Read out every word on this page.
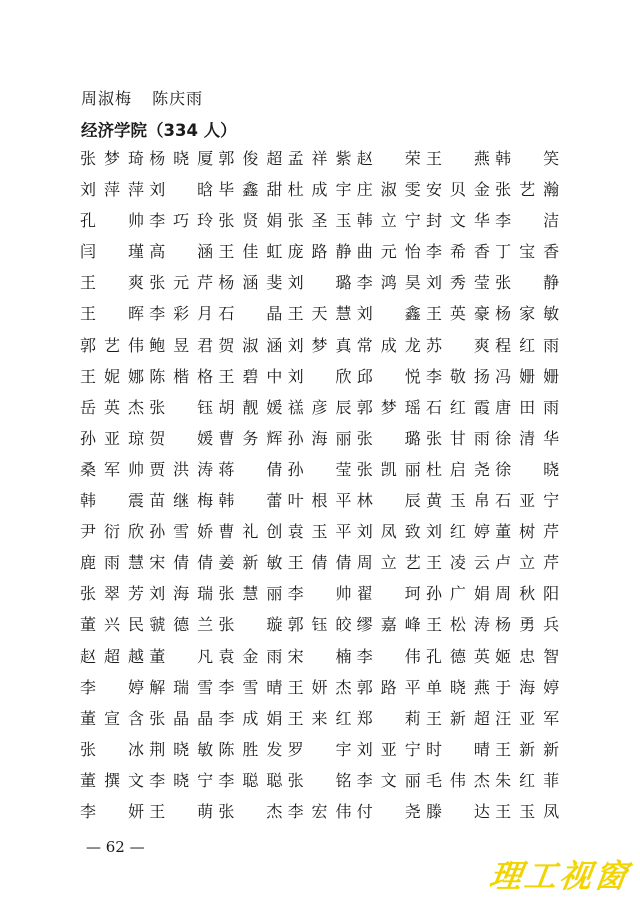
周淑梅 陈庆雨
经济学院（334 人）
张 梦 琦 杨 晓 厦 郭 俊 超 孟 祥 紫 赵 荣 王 燕 韩 笑
刘 萍 萍 刘 晗 毕 鑫 甜 杜 成 宇 庄 淑 雯 安 贝 金 张 艺 瀚
孔 帅 李 巧 玲 张 贤 娟 张 圣 玉 韩 立 宁 封 文 华 李 洁
闫 瑾 高 涵 王 佳 虹 庞 路 静 曲 元 怡 李 希 香 丁 宝 香
王 爽 张 元 芹 杨 涵 斐 刘 璐 李 鸿 昊 刘 秀 莹 张 静
王 晖 李 彩 月 石 晶 王 天 慧 刘 鑫 王 英 豪 杨 家 敏
郭 艺 伟 鲍 昱 君 贺 淑 涵 刘 梦 真 常 成 龙 苏 爽 程 红 雨
王 妮 娜 陈 楷 格 王 碧 中 刘 欣 邱 悦 李 敬 扬 冯 姗 姗
岳 英 杰 张 钰 胡 靓 媛 禚 彦 辰 郭 梦 瑶 石 红 霞 唐 田 雨
孙 亚 琼 贺 媛 曹 务 辉 孙 海 丽 张 璐 张 甘 雨 徐 清 华
桑 军 帅 贾 洪 涛 蒋 倩 孙 莹 张 凯 丽 杜 启 尧 徐 晓
韩 震 苗 继 梅 韩 蕾 叶 根 平 林 辰 黄 玉 帛 石 亚 宁
尹 衍 欣 孙 雪 娇 曹 礼 创 袁 玉 平 刘 凤 致 刘 红 婷 董 树 芹
鹿 雨 慧 宋 倩 倩 姜 新 敏 王 倩 倩 周 立 艺 王 凌 云 卢 立 芹
张 翠 芳 刘 海 瑞 张 慧 丽 李 帅 翟 珂 孙 广 娟 周 秋 阳
董 兴 民 虢 德 兰 张 璇 郭 钰 皎 缪 嘉 峰 王 松 涛 杨 勇 兵
赵 超 越 董 凡 袁 金 雨 宋 楠 李 伟 孔 德 英 姬 忠 智
李 婷 解 瑞 雪 李 雪 晴 王 妍 杰 郭 路 平 单 晓 燕 于 海 婷
董 宣 含 张 晶 晶 李 成 娟 王 来 红 郑 莉 王 新 超 汪 亚 军
张 冰 荆 晓 敏 陈 胜 发 罗 宇 刘 亚 宁 时 晴 王 新 新
董 撰 文 李 晓 宁 李 聪 聪 张 铭 李 文 丽 毛 伟 杰 朱 红 菲
李 妍 王 萌 张 杰 李 宏 伟 付 尧 滕 达 王 玉 凤
— 62 —
理工视窗
